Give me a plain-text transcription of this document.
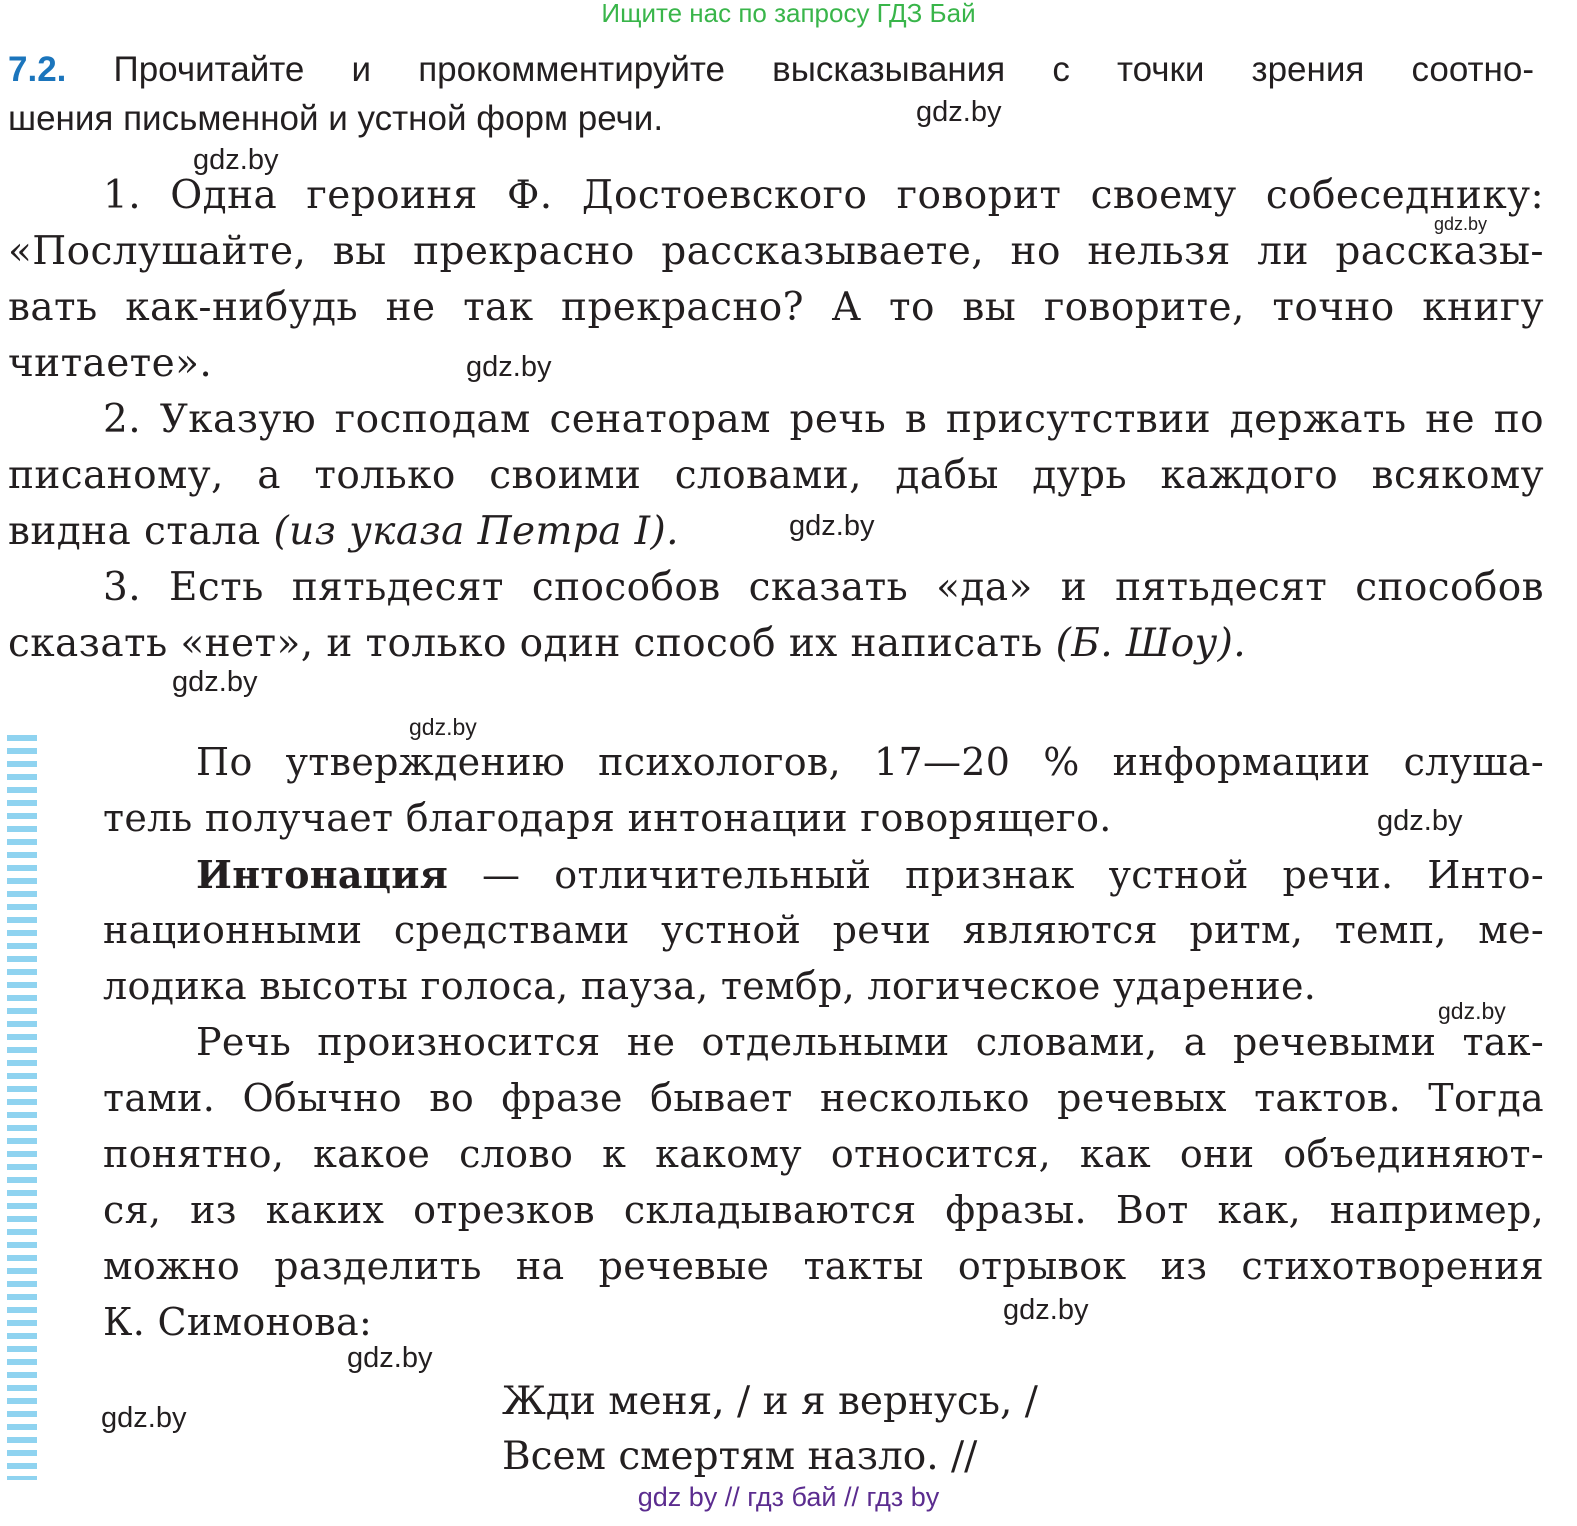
Ищите нас по запросу ГДЗ Бай
7.2. Прочитайте и прокомментируйте высказывания с точки зрения соотно-
шения письменной и устной форм речи.
1. Одна героиня Ф. Достоевского говорит своему собеседнику:
«Послушайте, вы прекрасно рассказываете, но нельзя ли рассказы-
вать как-нибудь не так прекрасно? А то вы говорите, точно книгу
читаете».
2. Указую господам сенаторам речь в присутствии держать не по
писаному, а только своими словами, дабы дурь каждого всякому
видна стала (из указа Петра I).
3. Есть пятьдесят способов сказать «да» и пятьдесят способов
сказать «нет», и только один способ их написать (Б. Шоу).
По утверждению психологов, 17—20 % информации слуша-
тель получает благодаря интонации говорящего.
Интонация — отличительный признак устной речи. Инто-
национными средствами устной речи являются ритм, темп, ме-
лодика высоты голоса, пауза, тембр, логическое ударение.
Речь произносится не отдельными словами, а речевыми так-
тами. Обычно во фразе бывает несколько речевых тактов. Тогда
понятно, какое слово к какому относится, как они объединяют-
ся, из каких отрезков складываются фразы. Вот как, например,
можно разделить на речевые такты отрывок из стихотворения
К. Симонова:
Жди меня, / и я вернусь, /
Всем смертям назло. //
gdz.by
gdz.by
gdz.by
gdz.by
gdz.by
gdz.by
gdz.by
gdz.by
gdz.by
gdz.by
gdz.by
gdz.by
gdz by // гдз бай // гдз by
